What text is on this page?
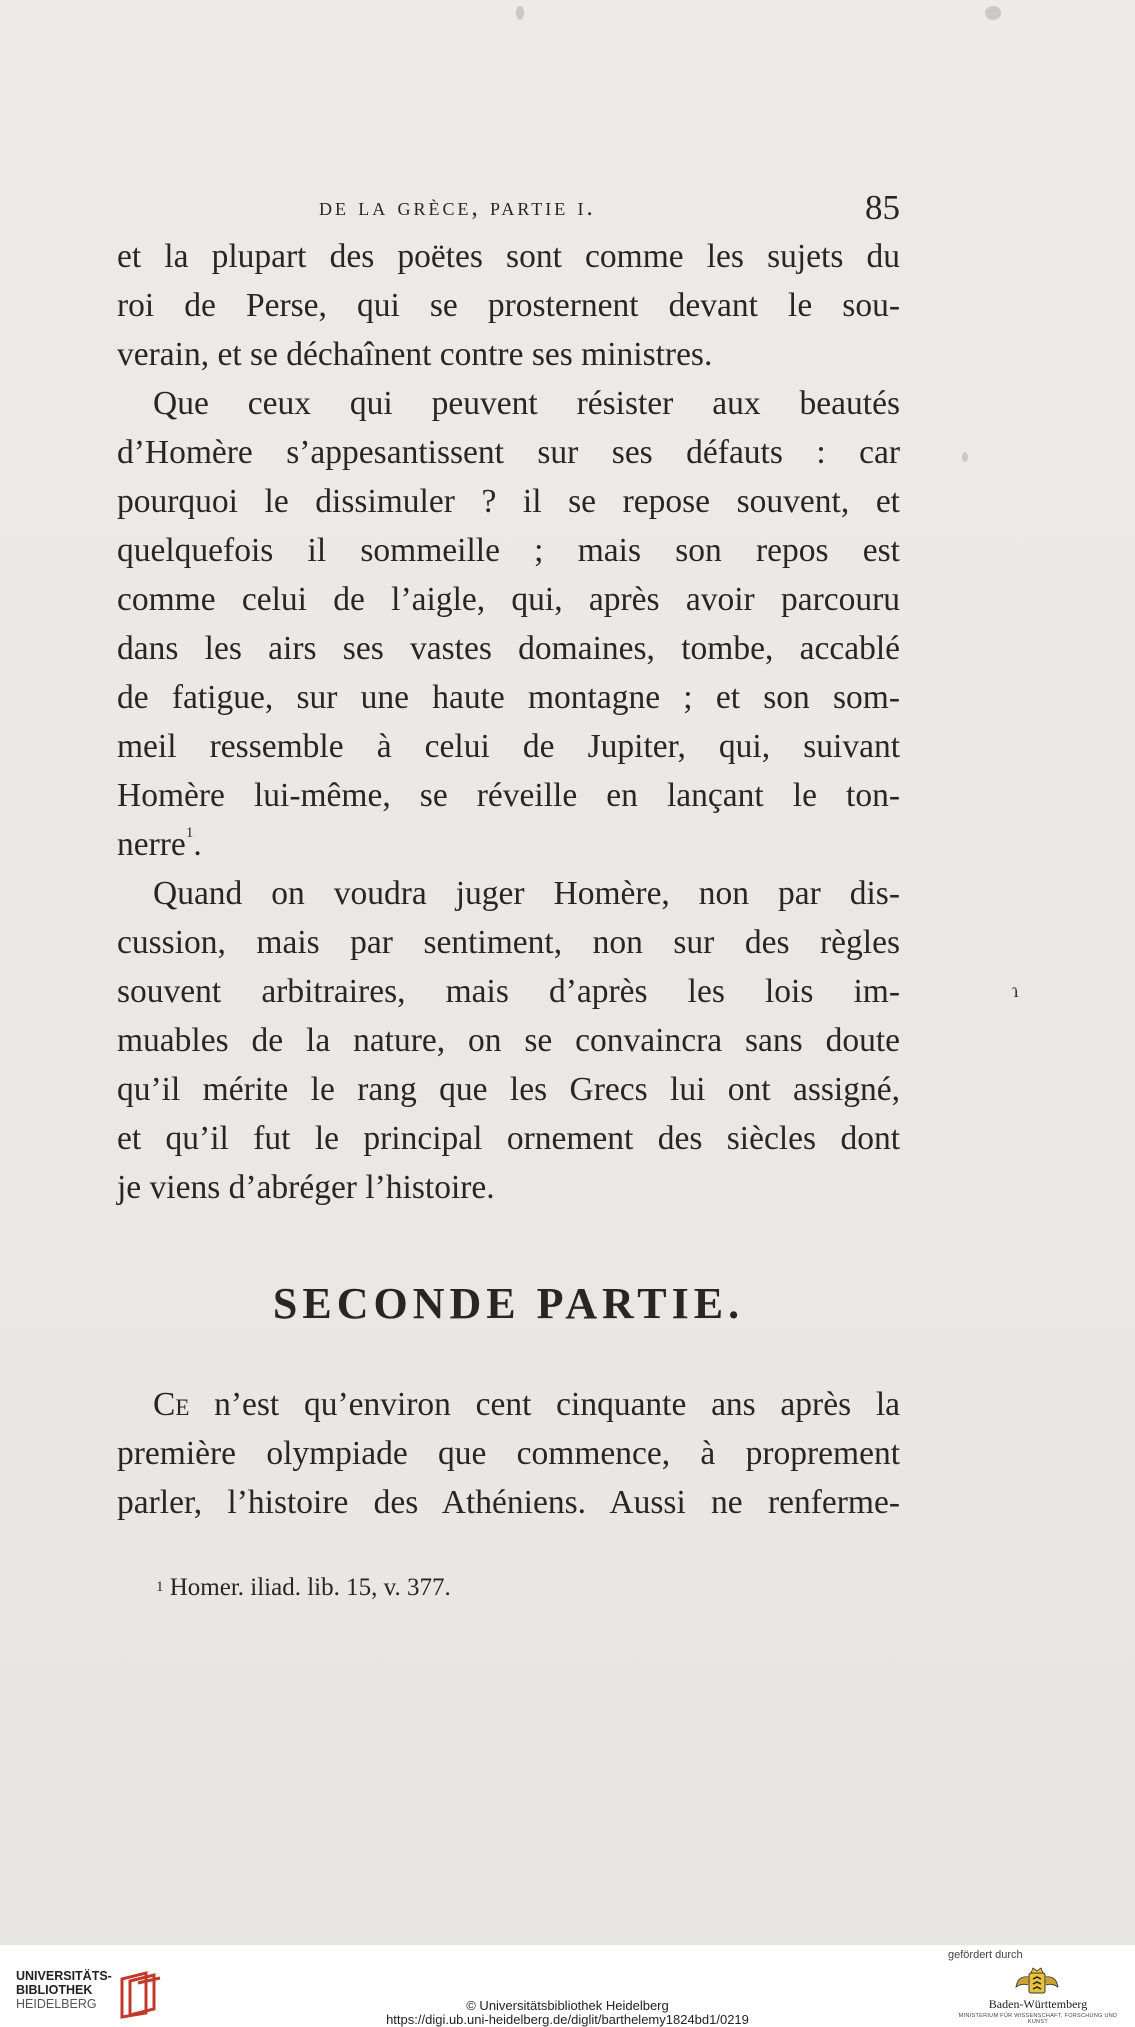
de la grèce, partie i.	85
et la plupart des poëtes sont comme les sujets du
roi de Perse, qui se prosternent devant le sou-
verain, et se déchaînent contre ses ministres.
Que ceux qui peuvent résister aux beautés
d’Homère s’appesantissent sur ses défauts : car
pourquoi le dissimuler ? il se repose souvent, et
quelquefois il sommeille ; mais son repos est
comme celui de l’aigle, qui, après avoir parcouru
dans les airs ses vastes domaines, tombe, accablé
de fatigue, sur une haute montagne ; et son som-
meil ressemble à celui de Jupiter, qui, suivant
Homère lui-même, se réveille en lançant le ton-
nerre$^1$.
Quand on voudra juger Homère, non par dis-
cussion, mais par sentiment, non sur des règles
souvent arbitraires, mais d’après les lois im-
muables de la nature, on se convaincra sans doute
qu’il mérite le rang que les Grecs lui ont assigné,
et qu’il fut le principal ornement des siècles dont
je viens d’abréger l’histoire.
SECONDE PARTIE.
Ce n’est qu’environ cent cinquante ans après la
première olympiade que commence, à proprement
parler, l’histoire des Athéniens. Aussi ne renferme-
$^1$ Homer. iliad. lib. 15, v. 377.
ɿ
UNIVERSITÄTS-
BIBLIOTHEK
HEIDELBERG	© Universitätsbibliothek Heidelberg
https://digi.ub.uni-heidelberg.de/diglit/barthelemy1824bd1/0219
gefördert durch
Baden-Württemberg
MINISTERIUM FÜR WISSENSCHAFT, FORSCHUNG UND KUNST
